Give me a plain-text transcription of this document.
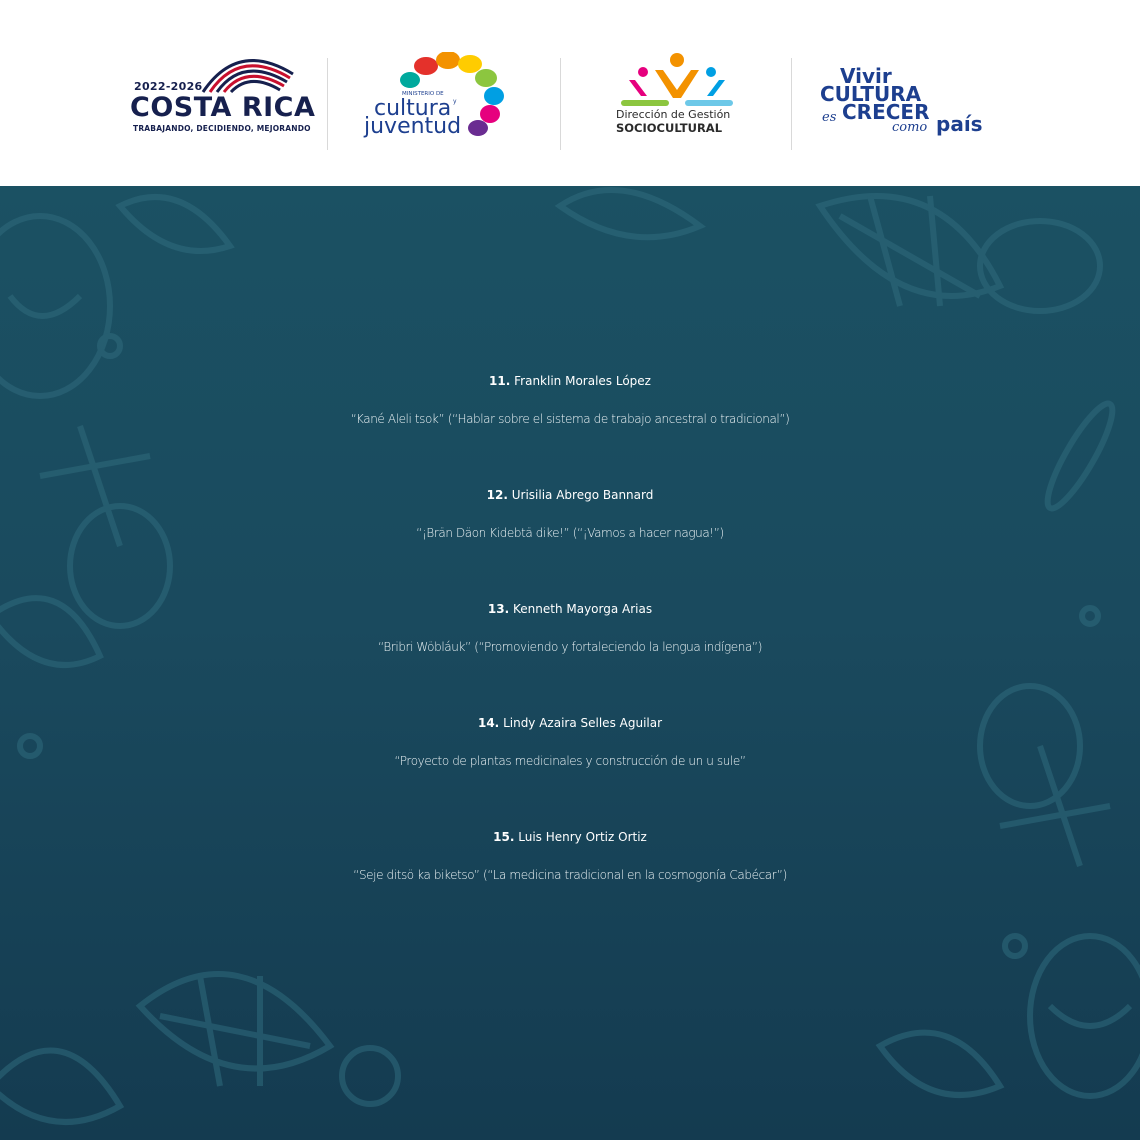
2022-2026
COSTA RICA
TRABAJANDO, DECIDIENDO, MEJORANDO
MINISTERIO DE
cultura y
juventud	Dirección de Gestión
SOCIOCULTURAL
Vivir
CULTURA
es CRECER
como país
11. Franklin Morales López
“Kané Aleli tsok” (“Hablar sobre el sistema de trabajo ancestral o tradicional”)
12. Urisilia Abrego Bannard
“¡Brän Däon Kidebtä dike!” (“¡Vamos a hacer nagua!”)
13. Kenneth Mayorga Arias
“Bribri Wöbláuk” (“Promoviendo y fortaleciendo la lengua indígena”)
14. Lindy Azaira Selles Aguilar
“Proyecto de plantas medicinales y construcción de un u sule”
15. Luis Henry Ortiz Ortiz
“Seje ditsö ka biketso” (“La medicina tradicional en la cosmogonía Cabécar”)
